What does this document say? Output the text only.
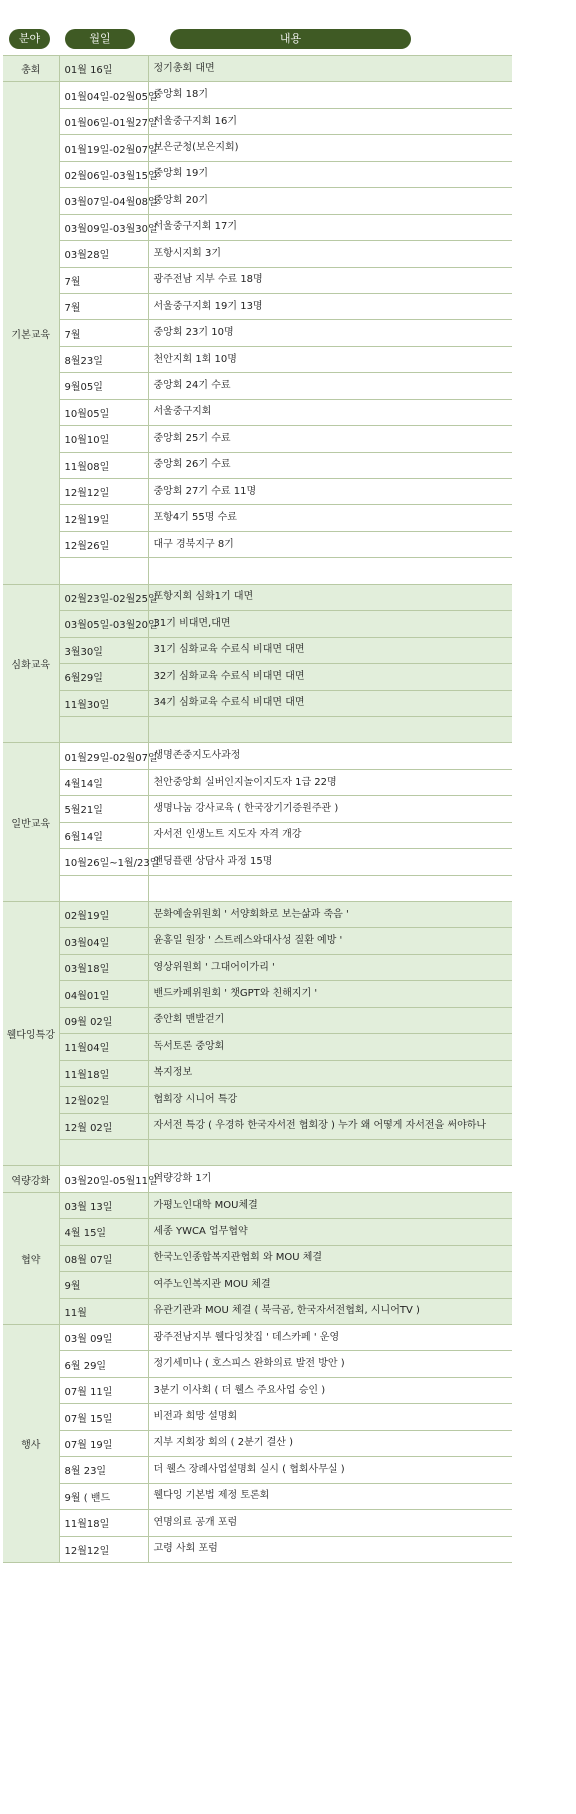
분야	월일	내용
총회	01월 16일	정기총회 대면
기본교육	01월04일-02월05일	중앙회 18기
	01월06일-01월27일	서울중구지회 16기
	01월19일-02월07일	보은군청(보은지회)
	02월06일-03월15일	중앙회 19기
	03월07일-04월08일	중앙회 20기
	03월09일-03월30일	서울중구지회 17기
	03월28일	포항시지회 3기
	7월	광주전남 지부 수료 18명
	7월	서울중구지회 19기 13명
	7월	중앙회 23기 10명
	8월23일	천안지회 1회 10명
	9월05일	중앙회 24기 수료
	10월05일	서울중구지회
	10월10일	중앙회 25기 수료
	11월08일	중앙회 26기 수료
	12월12일	중앙회 27기 수료 11명
	12월19일	포항4기 55명 수료
	12월26일	대구 경북지구 8기

심화교육	02월23일-02월25일	포항지회 심화1기 대면
	03월05일-03월20일	31기 비대면,대면
	3월30일	31기 심화교육 수료식 비대면 대면
	6월29일	32기 심화교육 수료식 비대면 대면
	11월30일	34기 심화교육 수료식 비대면 대면

일반교육	01월29일-02월07일	생명존중지도사과정
	4월14일	천안중앙회 실버인지놀이지도자 1급 22명
	5월21일	생명나눔 강사교육 ( 한국장기기증원주관 )
	6월14일	자서전 인생노트 지도자 자격 개강
	10월26일~1월/23일	앤딩플랜 상담사 과정 15명

웰다잉특강	02월19일	문화예술위원회 ' 서양회화로 보는삶과 죽음 '
	03월04일	윤홍일 원장 ' 스트레스와대사성 질환 예방 '
	03월18일	영상위원회 ' 그대어이가리 '
	04월01일	밴드카페위원회 ' 챗GPT와 친해지기 '
	09월 02일	중안회 맨발걷기
	11월04일	독서토론 중앙회
	11월18일	복지정보
	12월02일	협회장 시니어 특강
	12월 02일	자서전 특강 ( 우경하 한국자서전 협회장 ) 누가 왜 어떻게 자서전을 써야하나

역량강화	03월20일-05월11일	역량강화 1기
협약	03월 13일	가평노인대학 MOU체결
	4월 15일	세종 YWCA 업무협약
	08월 07일	한국노인종합복지관협회 와 MOU 체결
	9월	여주노인복지관 MOU 체결
	11월	유관기관과 MOU 체결 ( 북극곰, 한국자서전협회, 시니어TV )
행사	03월 09일	광주전남지부 웰다잉찻집 ' 데스카페 ' 운영
	6월 29일	정기세미나 ( 호스피스 완화의료 발전 방안 )
	07월 11일	3분기 이사회 ( 더 웰스 주요사업 승인 )
	07월 15일	비전과 희망 설명회
	07월 19일	지부 지회장 회의 ( 2분기 결산 )
	8월 23일	더 웰스 장례사업설명회 실시 ( 협회사무실 )
	9월 ( 밴드	웰다잉 기본법 제정 토론회
	11월18일	연명의료 공개 포럼
	12월12일	고령 사회 포럼
